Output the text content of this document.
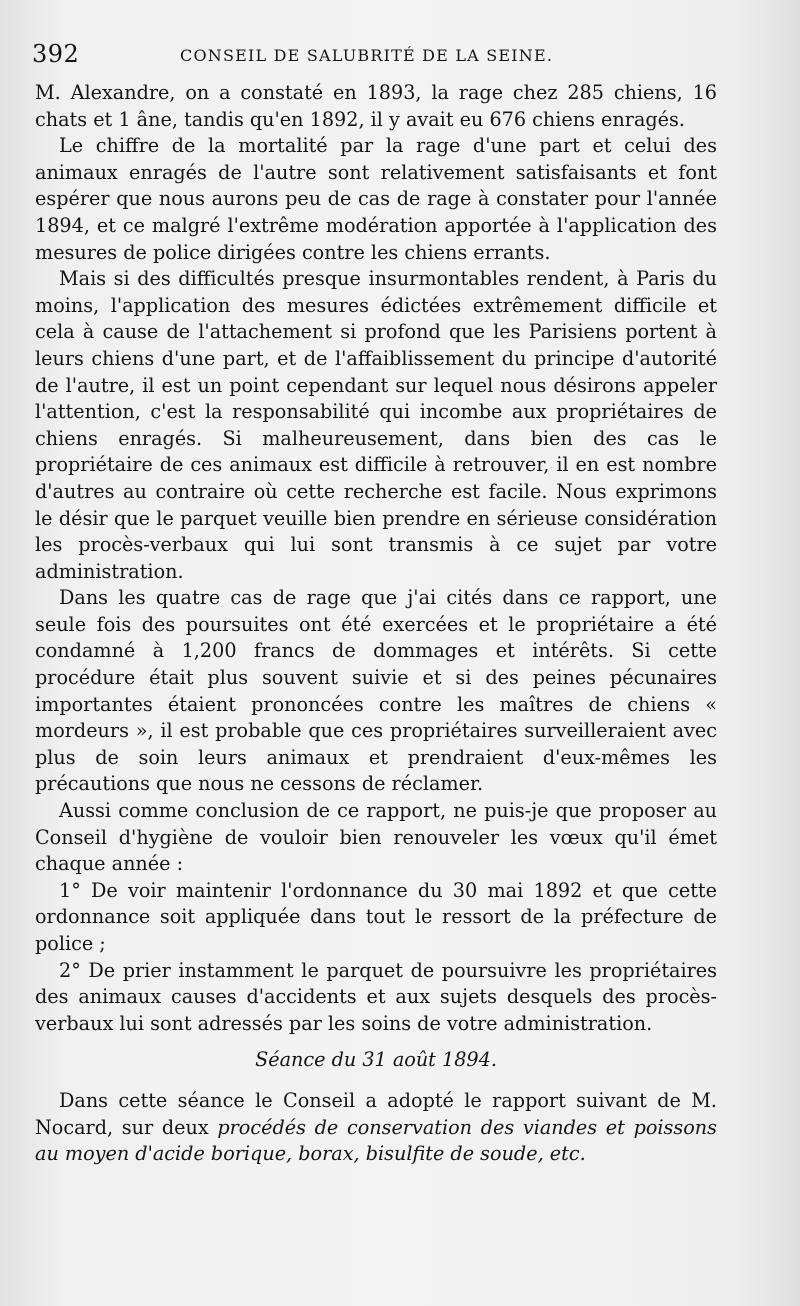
392	CONSEIL DE SALUBRITÉ DE LA SEINE.

M. Alexandre, on a constaté en 1893, la rage chez 285 chiens, 16 chats et 1 âne, tandis qu'en 1892, il y avait eu 676 chiens enragés.

Le chiffre de la mortalité par la rage d'une part et celui des animaux enragés de l'autre sont relativement satisfaisants et font espérer que nous aurons peu de cas de rage à constater pour l'année 1894, et ce malgré l'extrême modération apportée à l'application des mesures de police dirigées contre les chiens errants.

Mais si des difficultés presque insurmontables rendent, à Paris du moins, l'application des mesures édictées extrêmement difficile et cela à cause de l'attachement si profond que les Parisiens portent à leurs chiens d'une part, et de l'affaiblissement du principe d'autorité de l'autre, il est un point cependant sur lequel nous désirons appeler l'attention, c'est la responsabilité qui incombe aux propriétaires de chiens enragés. Si malheureusement, dans bien des cas le propriétaire de ces animaux est difficile à retrouver, il en est nombre d'autres au contraire où cette recherche est facile. Nous exprimons le désir que le parquet veuille bien prendre en sérieuse considération les procès-verbaux qui lui sont transmis à ce sujet par votre administration.

Dans les quatre cas de rage que j'ai cités dans ce rapport, une seule fois des poursuites ont été exercées et le propriétaire a été condamné à 1,200 francs de dommages et intérêts. Si cette procédure était plus souvent suivie et si des peines pécunaires importantes étaient prononcées contre les maîtres de chiens « mordeurs », il est probable que ces propriétaires surveilleraient avec plus de soin leurs animaux et prendraient d'eux-mêmes les précautions que nous ne cessons de réclamer.

Aussi comme conclusion de ce rapport, ne puis-je que proposer au Conseil d'hygiène de vouloir bien renouveler les vœux qu'il émet chaque année :

1° De voir maintenir l'ordonnance du 30 mai 1892 et que cette ordonnance soit appliquée dans tout le ressort de la préfecture de police ;

2° De prier instamment le parquet de poursuivre les propriétaires des animaux causes d'accidents et aux sujets desquels des procès-verbaux lui sont adressés par les soins de votre administration.

Séance du 31 août 1894.

Dans cette séance le Conseil a adopté le rapport suivant de M. Nocard, sur deux procédés de conservation des viandes et poissons au moyen d'acide borique, borax, bisulfite de soude, etc.
